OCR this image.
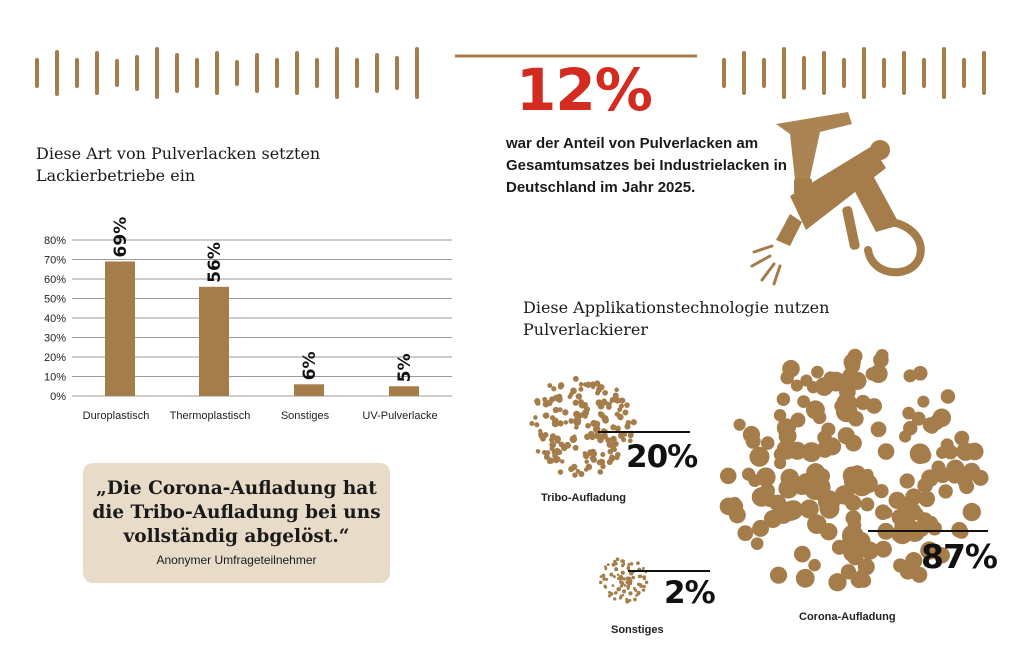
12%
war der Anteil von Pulverlacken am Gesamtumsatzes bei Industrielacken in Deutschland im Jahr 2025.
Diese Art von Pulverlacken setzten Lackierbetriebe ein
0%
10%
20%
30%
40%
50%
60%
70%
80%	69%
56%
6%	5%
Duroplastisch Thermoplastisch	Sonstiges	UV-Pulverlacke
„Die Corona-Aufladung hat die Tribo-Aufladung bei uns vollständig abgelöst.“
Anonymer Umfrageteilnehmer
Diese Applikationstechnologie nutzen Pulverlackierer
20%
Tribo-Aufladung
87%
Corona-Aufladung
2%
Sonstiges
